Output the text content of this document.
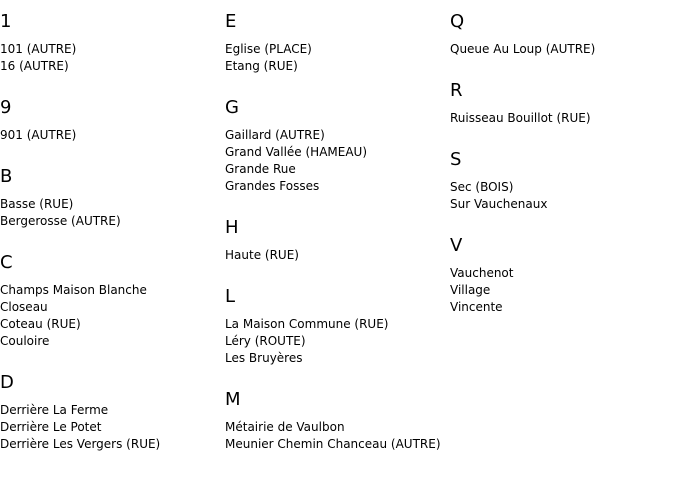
1
101 (AUTRE)
16 (AUTRE)
9
901 (AUTRE)
B
Basse (RUE)
Bergerosse (AUTRE)
C
Champs Maison Blanche
Closeau
Coteau (RUE)
Couloire
D
Derrière La Ferme
Derrière Le Potet
Derrière Les Vergers (RUE)
E
Eglise (PLACE)
Etang (RUE)
G
Gaillard (AUTRE)
Grand Vallée (HAMEAU)
Grande Rue
Grandes Fosses
H
Haute (RUE)
L
La Maison Commune (RUE)
Léry (ROUTE)
Les Bruyères
M
Métairie de Vaulbon
Meunier Chemin Chanceau (AUTRE)
Q
Queue Au Loup (AUTRE)
R
Ruisseau Bouillot (RUE)
S
Sec (BOIS)
Sur Vauchenaux
V
Vauchenot
Village
Vincente
